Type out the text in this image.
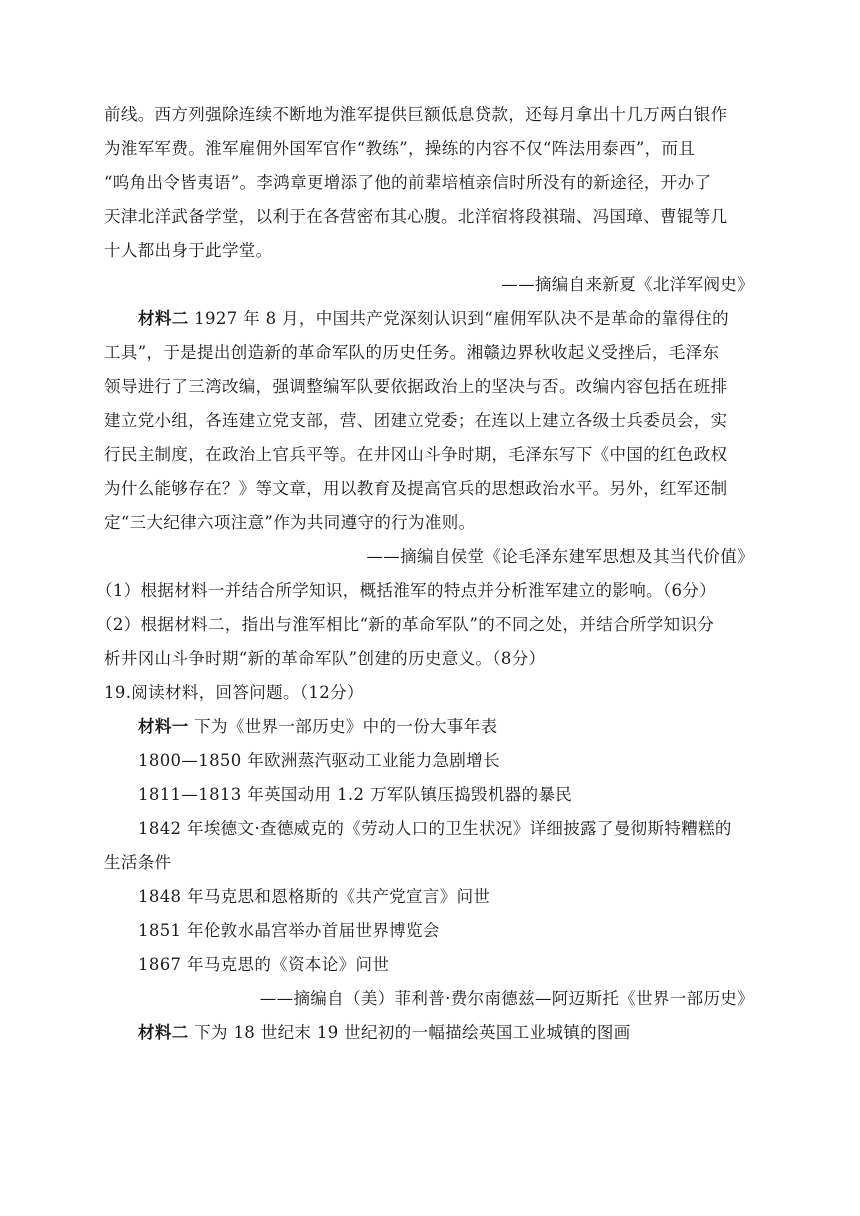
前线。西方列强除连续不断地为淮军提供巨额低息贷款，还每月拿出十几万两白银作
为淮军军费。淮军雇佣外国军官作“教练”，操练的内容不仅“阵法用泰西”，而且
“呜角出令皆夷语”。李鸿章更增添了他的前辈培植亲信时所没有的新途径，开办了
天津北洋武备学堂，以利于在各营密布其心腹。北洋宿将段祺瑞、冯国璋、曹锟等几
十人都出身于此学堂。
——摘编自来新夏《北洋军阀史》
材料二 1927 年 8 月，中国共产党深刻认识到“雇佣军队决不是革命的靠得住的
工具”，于是提出创造新的革命军队的历史任务。湘赣边界秋收起义受挫后，毛泽东
领导进行了三湾改编，强调整编军队要依据政治上的坚决与否。改编内容包括在班排
建立党小组，各连建立党支部，营、团建立党委；在连以上建立各级士兵委员会，实
行民主制度，在政治上官兵平等。在井冈山斗争时期，毛泽东写下《中国的红色政权
为什么能够存在？》等文章，用以教育及提高官兵的思想政治水平。另外，红军还制
定“三大纪律六项注意”作为共同遵守的行为准则。
——摘编自侯堂《论毛泽东建军思想及其当代价值》
（1）根据材料一并结合所学知识，概括淮军的特点并分析淮军建立的影响。（6分）
（2）根据材料二，指出与淮军相比“新的革命军队”的不同之处，并结合所学知识分
析井冈山斗争时期“新的革命军队”创建的历史意义。（8分）
19.阅读材料，回答问题。（12分）
材料一 下为《世界一部历史》中的一份大事年表
1800—1850 年欧洲蒸汽驱动工业能力急剧增长
1811—1813 年英国动用 1.2 万军队镇压捣毁机器的暴民
1842 年埃德文·查德威克的《劳动人口的卫生状况》详细披露了曼彻斯特糟糕的
生活条件
1848 年马克思和恩格斯的《共产党宣言》问世
1851 年伦敦水晶宫举办首届世界博览会
1867 年马克思的《资本论》问世
——摘编自（美）菲利普·费尔南德兹—阿迈斯托《世界一部历史》
材料二 下为 18 世纪末 19 世纪初的一幅描绘英国工业城镇的图画
